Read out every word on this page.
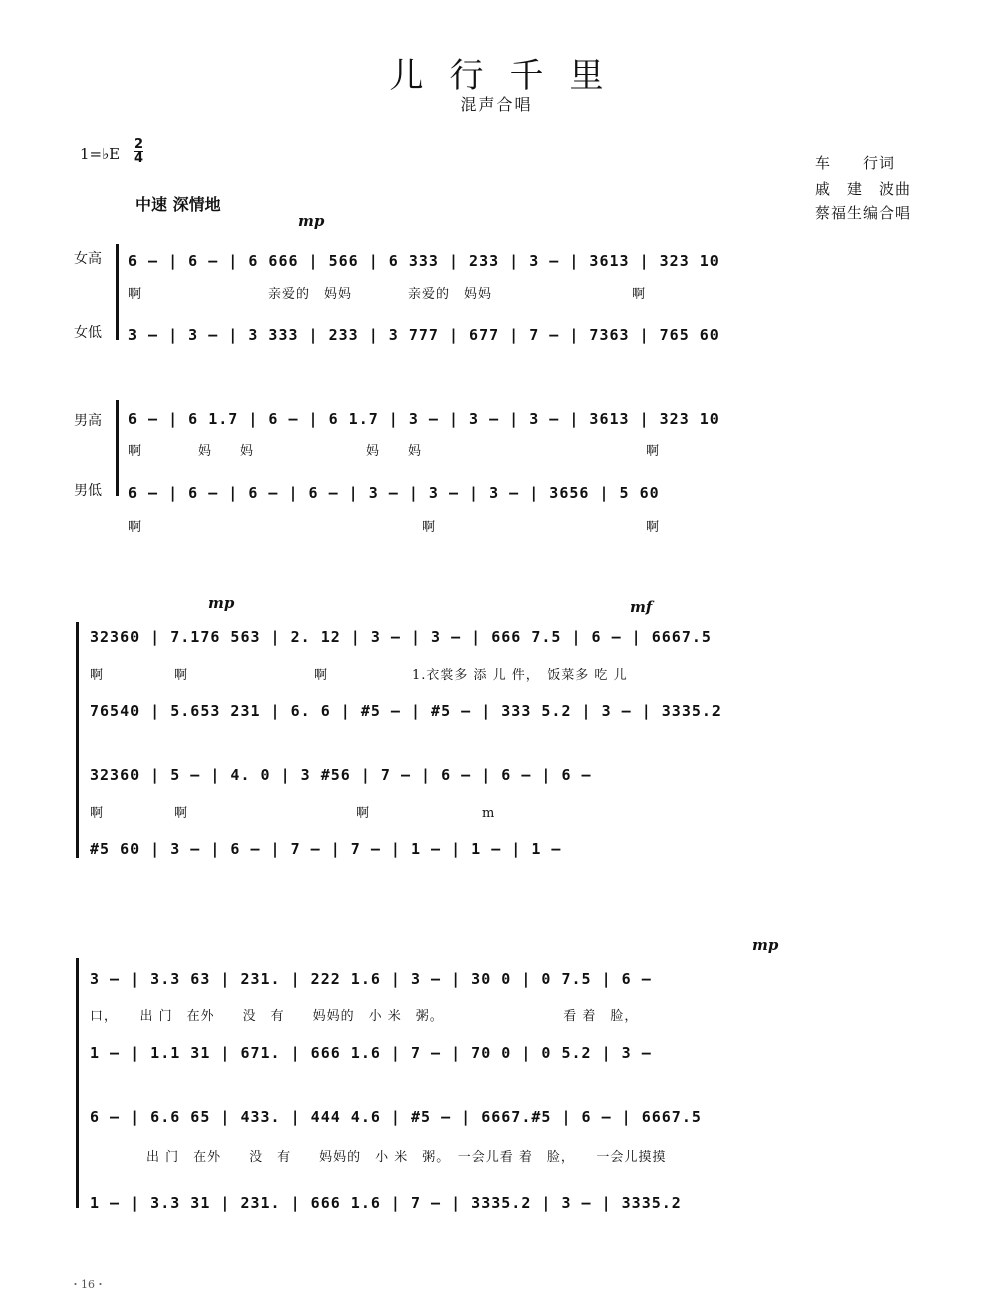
儿行千里
混声合唱
1=♭E
2
4	车　　行词
戚　建　波曲
蔡福生编合唱
中速 深情地
mp
女高
女低
男高
男低
6 – | 6 – | 6 666 | 566 | 6 333 | 233 | 3 – | 3613 | 323 10
啊　　　　　　　　　亲爱的　妈妈　　　　亲爱的　妈妈　　　　　　　　　　啊
3 – | 3 – | 3 333 | 233 | 3 777 | 677 | 7 – | 7363 | 765 60
6 – | 6 1.7 | 6 – | 6 1.7 | 3 – | 3 – | 3 – | 3613 | 323 10
啊　　　　妈　　妈　　　　　　　　妈　　妈　　　　　　　　　　　　　　　　啊
6 – | 6 – | 6 – | 6 – | 3 – | 3 – | 3 – | 3656 | 5 60
啊　　　　　　　　　　　　　　　　　　　　啊　　　　　　　　　　　　　　　啊
mp	mf
32360 | 7.176 563 | 2. 12 | 3 – | 3 – | 666 7.5 | 6 – | 6667.5
啊　　　　　啊　　　　　　　　　啊　　　　　　1.衣裳多 添 儿 件，　饭菜多 吃 儿
76540 | 5.653 231 | 6. 6 | #5 – | #5 – | 333 5.2 | 3 – | 3335.2
32360 | 5 – | 4. 0 | 3 #56 | 7 – | 6 – | 6 – | 6 –
啊　　　　　啊　　　　　　　　　　　　啊　　　　　　　　m
#5 60 | 3 – | 6 – | 7 – | 7 – | 1 – | 1 – | 1 –
mp
3 – | 3.3 63 | 231. | 222 1.6 | 3 – | 30 0 | 0 7.5 | 6 –
口，　　出 门　在外　　没　有　　妈妈的　小 米　粥。　　　　　　　　　看 着　脸，
1 – | 1.1 31 | 671. | 666 1.6 | 7 – | 70 0 | 0 5.2 | 3 –
6 – | 6.6 65 | 433. | 444 4.6 | #5 – | 6667.#5 | 6 – | 6667.5
　　　　出 门　在外　　没　有　　妈妈的　小 米　粥。　一会儿看 着　脸，　　一会儿摸摸
1 – | 3.3 31 | 231. | 666 1.6 | 7 – | 3335.2 | 3 – | 3335.2
・16・
